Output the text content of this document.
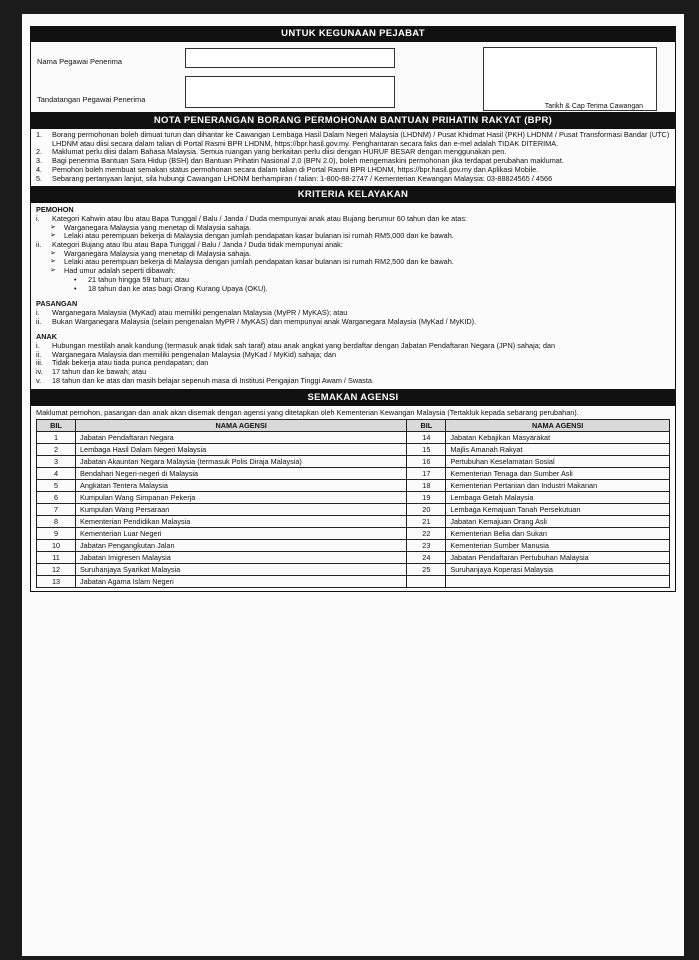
UNTUK KEGUNAAN PEJABAT
Nama Pegawai Penerima
Tandatangan Pegawai Penerima
Tarikh & Cap Terima Cawangan
NOTA PENERANGAN BORANG PERMOHONAN BANTUAN PRIHATIN RAKYAT (BPR)
1.	Borang permohonan boleh dimuat turun dan dihantar ke Cawangan Lembaga Hasil Dalam Negeri Malaysia (LHDNM) / Pusat Khidmat Hasil (PKH) LHDNM / Pusat Transformasi Bandar (UTC) LHDNM atau diisi secara dalam talian di Portal Rasmi BPR LHDNM, https://bpr.hasil.gov.my. Penghantaran secara faks dan e-mel adalah TIDAK DITERIMA.
2.	Maklumat perlu diisi dalam Bahasa Malaysia. Semua ruangan yang berkaitan perlu diisi dengan HURUF BESAR dengan menggunakan pen.
3.	Bagi penerima Bantuan Sara Hidup (BSH) dan Bantuan Prihatin Nasional 2.0 (BPN 2.0), boleh mengemaskini permohonan jika terdapat perubahan maklumat.
4.	Pemohon boleh membuat semakan status permohonan secara dalam talian di Portal Rasmi BPR LHDNM, https://bpr.hasil.gov.my dan Aplikasi Mobile.
5.	Sebarang pertanyaan lanjut, sila hubungi Cawangan LHDNM berhampiran / talian: 1-800-88-2747 / Kementerian Kewangan Malaysia: 03-88824565 / 4566
KRITERIA KELAYAKAN
PEMOHON
i.	Kategori Kahwin atau Ibu atau Bapa Tunggal / Balu / Janda / Duda mempunyai anak atau Bujang berumur 60 tahun dan ke atas:
➢	Warganegara Malaysia yang menetap di Malaysia sahaja.
➢	Lelaki atau perempuan bekerja di Malaysia dengan jumlah pendapatan kasar bulanan isi rumah RM5,000 dan ke bawah.
ii.	Kategori Bujang atau Ibu atau Bapa Tunggal / Balu / Janda / Duda tidak mempunyai anak:
➢	Warganegara Malaysia yang menetap di Malaysia sahaja.
➢	Lelaki atau perempuan bekerja di Malaysia dengan jumlah pendapatan kasar bulanan isi rumah RM2,500 dan ke bawah.
➢	Had umur adalah seperti dibawah:
•	21 tahun hingga 59 tahun; atau
•	18 tahun dan ke atas bagi Orang Kurang Upaya (OKU).
PASANGAN
i.	Warganegara Malaysia (MyKad) atau memiliki pengenalan Malaysia (MyPR / MyKAS); atau
ii.	Bukan Warganegara Malaysia (selain pengenalan MyPR / MyKAS) dan mempunyai anak Warganegara Malaysia (MyKad / MyKID).
ANAK
i.	Hubungan mestilah anak kandung (termasuk anak tidak sah taraf) atau anak angkat yang berdaftar dengan Jabatan Pendaftaran Negara (JPN) sahaja; dan
ii.	Warganegara Malaysia dan memiliki pengenalan Malaysia (MyKad / MyKid) sahaja; dan
iii.	Tidak bekerja atau tiada punca pendapatan; dan
iv.	17 tahun dan ke bawah; atau
v.	18 tahun dan ke atas dan masih belajar sepenuh masa di Institusi Pengajian Tinggi Awam / Swasta.
SEMAKAN AGENSI
Maklumat pemohon, pasangan dan anak akan disemak dengan agensi yang ditetapkan oleh Kementerian Kewangan Malaysia (Tertakluk kepada sebarang perubahan).
BIL	NAMA AGENSI	BIL	NAMA AGENSI
1	Jabatan Pendaftaran Negara	14	Jabatan Kebajikan Masyarakat
2	Lembaga Hasil Dalam Negeri Malaysia	15	Majlis Amanah Rakyat
3	Jabatan Akauntan Negara Malaysia (termasuk Polis Diraja Malaysia)	16	Pertubuhan Keselamatan Sosial
4	Bendahari Negeri-negeri di Malaysia	17	Kementerian Tenaga dan Sumber Asli
5	Angkatan Tentera Malaysia	18	Kementerian Pertanian dan Industri Makanan
6	Kumpulan Wang Simpanan Pekerja	19	Lembaga Getah Malaysia
7	Kumpulan Wang Persaraan	20	Lembaga Kemajuan Tanah Persekutuan
8	Kementerian Pendidikan Malaysia	21	Jabatan Kemajuan Orang Asli
9	Kementerian Luar Negeri	22	Kementerian Belia dan Sukan
10	Jabatan Pengangkutan Jalan	23	Kementerian Sumber Manusia
11	Jabatan Imigresen Malaysia	24	Jabatan Pendaftaran Pertubuhan Malaysia
12	Suruhanjaya Syarikat Malaysia	25	Suruhanjaya Koperasi Malaysia
13	Jabatan Agama Islam Negeri		
